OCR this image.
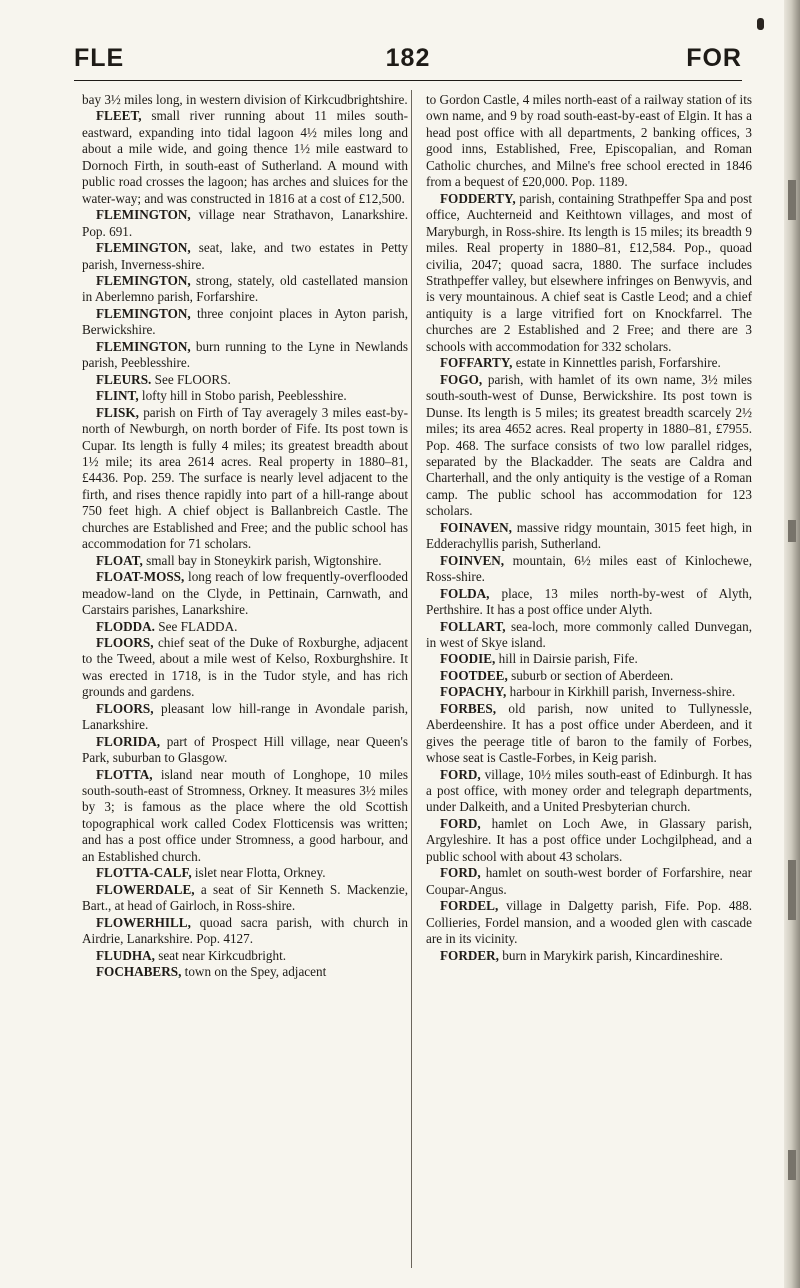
FLE	182	FOR

bay 3½ miles long, in western division of Kirkcudbrightshire.

FLEET, small river running about 11 miles south-eastward, expanding into tidal lagoon 4½ miles long and about a mile wide, and going thence 1½ mile eastward to Dornoch Firth, in south-east of Sutherland. A mound with public road crosses the lagoon; has arches and sluices for the water-way; and was constructed in 1816 at a cost of £12,500.

FLEMINGTON, village near Strathavon, Lanarkshire. Pop. 691.

FLEMINGTON, seat, lake, and two estates in Petty parish, Inverness-shire.

FLEMINGTON, strong, stately, old castellated mansion in Aberlemno parish, Forfarshire.

FLEMINGTON, three conjoint places in Ayton parish, Berwickshire.

FLEMINGTON, burn running to the Lyne in Newlands parish, Peeblesshire.

FLEURS. See FLOORS.

FLINT, lofty hill in Stobo parish, Peeblesshire.

FLISK, parish on Firth of Tay averagely 3 miles east-by-north of Newburgh, on north border of Fife. Its post town is Cupar. Its length is fully 4 miles; its greatest breadth about 1½ mile; its area 2614 acres. Real property in 1880–81, £4436. Pop. 259. The surface is nearly level adjacent to the firth, and rises thence rapidly into part of a hill-range about 750 feet high. A chief object is Ballanbreich Castle. The churches are Established and Free; and the public school has accommodation for 71 scholars.

FLOAT, small bay in Stoneykirk parish, Wigtonshire.

FLOAT-MOSS, long reach of low frequently-overflooded meadow-land on the Clyde, in Pettinain, Carnwath, and Carstairs parishes, Lanarkshire.

FLODDA. See FLADDA.

FLOORS, chief seat of the Duke of Roxburghe, adjacent to the Tweed, about a mile west of Kelso, Roxburghshire. It was erected in 1718, is in the Tudor style, and has rich grounds and gardens.

FLOORS, pleasant low hill-range in Avondale parish, Lanarkshire.

FLORIDA, part of Prospect Hill village, near Queen's Park, suburban to Glasgow.

FLOTTA, island near mouth of Longhope, 10 miles south-south-east of Stromness, Orkney. It measures 3½ miles by 3; is famous as the place where the old Scottish topographical work called Codex Flotticensis was written; and has a post office under Stromness, a good harbour, and an Established church.

FLOTTA-CALF, islet near Flotta, Orkney.

FLOWERDALE, a seat of Sir Kenneth S. Mackenzie, Bart., at head of Gairloch, in Ross-shire.

FLOWERHILL, quoad sacra parish, with church in Airdrie, Lanarkshire. Pop. 4127.

FLUDHA, seat near Kirkcudbright.

FOCHABERS, town on the Spey, adjacent

to Gordon Castle, 4 miles north-east of a railway station of its own name, and 9 by road south-east-by-east of Elgin. It has a head post office with all departments, 2 banking offices, 3 good inns, Established, Free, Episcopalian, and Roman Catholic churches, and Milne's free school erected in 1846 from a bequest of £20,000. Pop. 1189.

FODDERTY, parish, containing Strathpeffer Spa and post office, Auchterneid and Keithtown villages, and most of Maryburgh, in Ross-shire. Its length is 15 miles; its breadth 9 miles. Real property in 1880–81, £12,584. Pop., quoad civilia, 2047; quoad sacra, 1880. The surface includes Strathpeffer valley, but elsewhere infringes on Benwyvis, and is very mountainous. A chief seat is Castle Leod; and a chief antiquity is a large vitrified fort on Knockfarrel. The churches are 2 Established and 2 Free; and there are 3 schools with accommodation for 332 scholars.

FOFFARTY, estate in Kinnettles parish, Forfarshire.

FOGO, parish, with hamlet of its own name, 3½ miles south-south-west of Dunse, Berwickshire. Its post town is Dunse. Its length is 5 miles; its greatest breadth scarcely 2½ miles; its area 4652 acres. Real property in 1880–81, £7955. Pop. 468. The surface consists of two low parallel ridges, separated by the Blackadder. The seats are Caldra and Charterhall, and the only antiquity is the vestige of a Roman camp. The public school has accommodation for 123 scholars.

FOINAVEN, massive ridgy mountain, 3015 feet high, in Edderachyllis parish, Sutherland.

FOINVEN, mountain, 6½ miles east of Kinlochewe, Ross-shire.

FOLDA, place, 13 miles north-by-west of Alyth, Perthshire. It has a post office under Alyth.

FOLLART, sea-loch, more commonly called Dunvegan, in west of Skye island.

FOODIE, hill in Dairsie parish, Fife.

FOOTDEE, suburb or section of Aberdeen.

FOPACHY, harbour in Kirkhill parish, Inverness-shire.

FORBES, old parish, now united to Tullynessle, Aberdeenshire. It has a post office under Aberdeen, and it gives the peerage title of baron to the family of Forbes, whose seat is Castle-Forbes, in Keig parish.

FORD, village, 10½ miles south-east of Edinburgh. It has a post office, with money order and telegraph departments, under Dalkeith, and a United Presbyterian church.

FORD, hamlet on Loch Awe, in Glassary parish, Argyleshire. It has a post office under Lochgilphead, and a public school with about 43 scholars.

FORD, hamlet on south-west border of Forfarshire, near Coupar-Angus.

FORDEL, village in Dalgetty parish, Fife. Pop. 488. Collieries, Fordel mansion, and a wooded glen with cascade are in its vicinity.

FORDER, burn in Marykirk parish, Kincardineshire.
